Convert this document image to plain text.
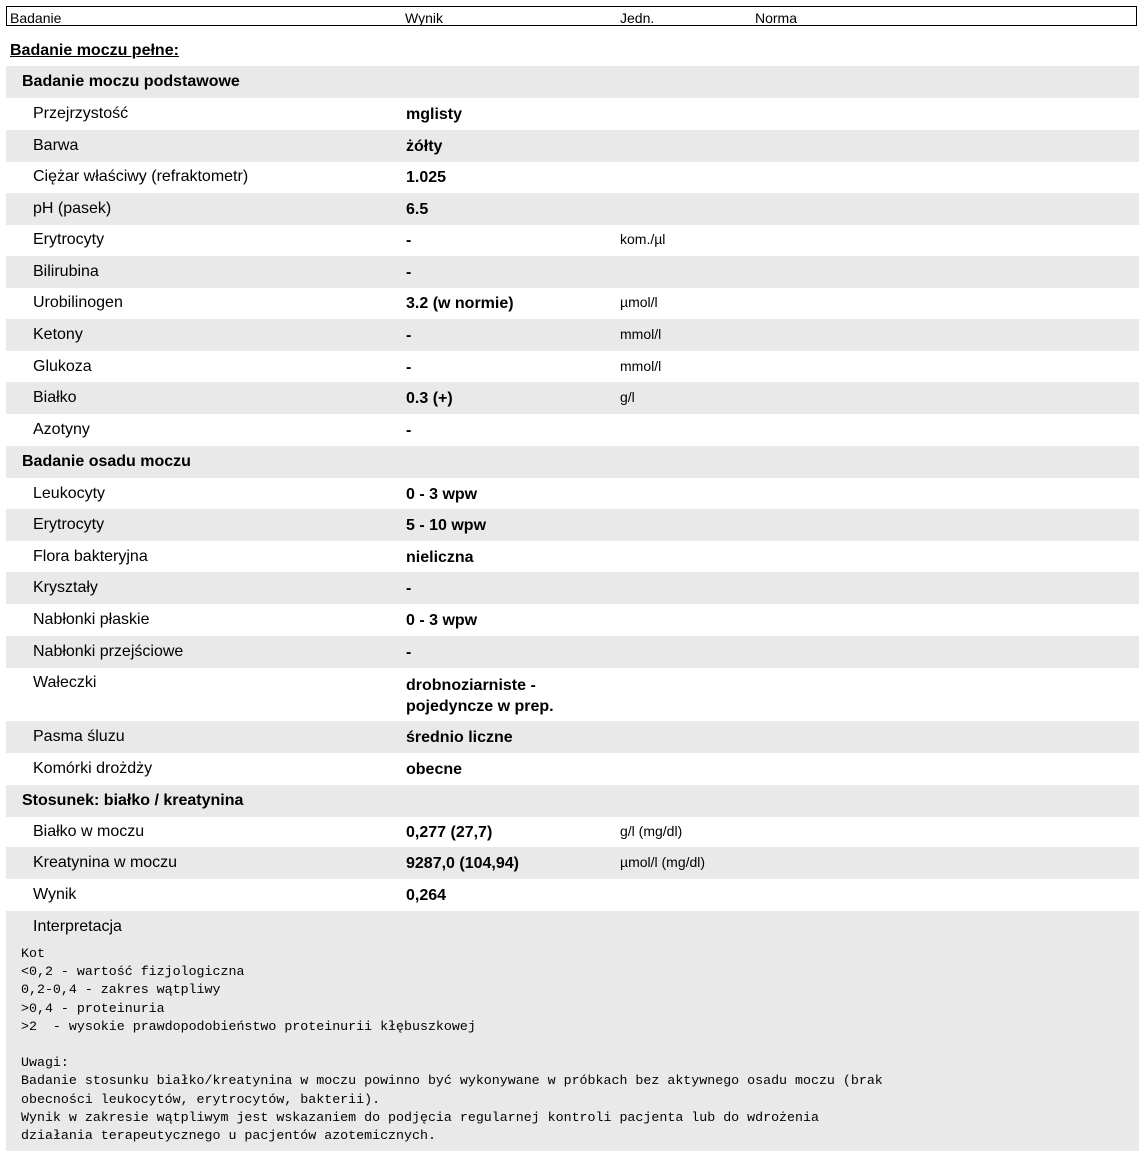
Badanie	Wynik	Jedn.	Norma
Badanie moczu pełne:
Badanie moczu podstawowe
Przejrzystość	mglisty
Barwa	żółty
Ciężar właściwy (refraktometr)	1.025
pH (pasek)	6.5
Erytrocyty	-	kom./µl
Bilirubina	-
Urobilinogen	3.2 (w normie)	µmol/l
Ketony	-	mmol/l
Glukoza	-	mmol/l
Białko	0.3 (+)	g/l
Azotyny	-
Badanie osadu moczu
Leukocyty	0 - 3 wpw
Erytrocyty	5 - 10 wpw
Flora bakteryjna	nieliczna
Kryształy	-
Nabłonki płaskie	0 - 3 wpw
Nabłonki przejściowe	-
Wałeczki	drobnoziarniste -
pojedyncze w prep.
Pasma śluzu	średnio liczne
Komórki drożdży	obecne
Stosunek: białko / kreatynina
Białko w moczu	0,277 (27,7)	g/l (mg/dl)
Kreatynina w moczu	9287,0 (104,94)	µmol/l (mg/dl)
Wynik	0,264
Interpretacja
Kot
<0,2 - wartość fizjologiczna
0,2-0,4 - zakres wątpliwy
>0,4 - proteinuria
>2  - wysokie prawdopodobieństwo proteinurii kłębuszkowej

Uwagi:
Badanie stosunku białko/kreatynina w moczu powinno być wykonywane w próbkach bez aktywnego osadu moczu (brak
obecności leukocytów, erytrocytów, bakterii).
Wynik w zakresie wątpliwym jest wskazaniem do podjęcia regularnej kontroli pacjenta lub do wdrożenia
działania terapeutycznego u pacjentów azotemicznych.
